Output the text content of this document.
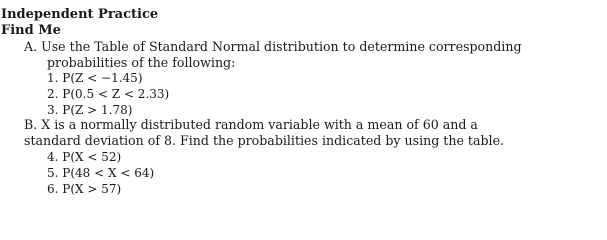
Independent Practice
Find Me
A. Use the Table of Standard Normal distribution to determine corresponding
probabilities of the following:
1. P(Z < −1.45)
2. P(0.5 < Z < 2.33)
3. P(Z > 1.78)
B. X is a normally distributed random variable with a mean of 60 and a
standard deviation of 8. Find the probabilities indicated by using the table.
4. P(X < 52)
5. P(48 < X < 64)
6. P(X > 57)
